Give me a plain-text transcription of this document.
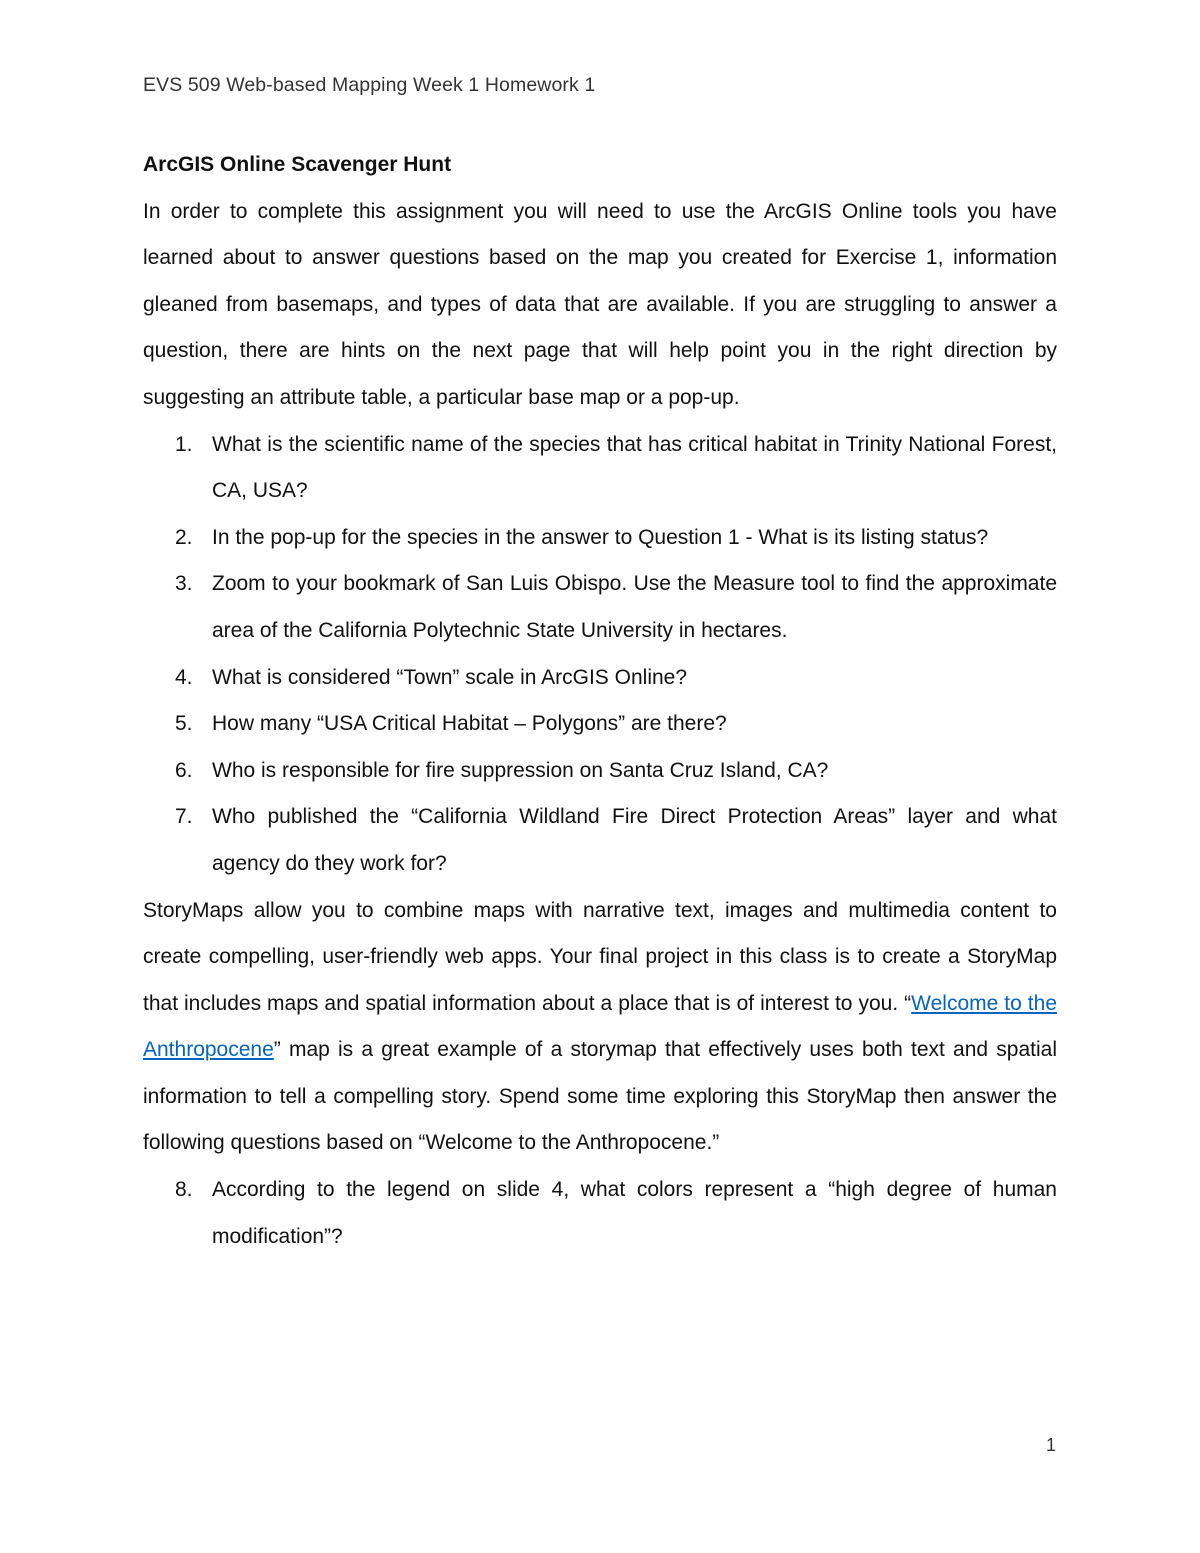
EVS 509 Web-based Mapping Week 1 Homework 1

ArcGIS Online Scavenger Hunt

In order to complete this assignment you will need to use the ArcGIS Online tools you have learned about to answer questions based on the map you created for Exercise 1, information gleaned from basemaps, and types of data that are available. If you are struggling to answer a question, there are hints on the next page that will help point you in the right direction by suggesting an attribute table, a particular base map or a pop-up.

1. What is the scientific name of the species that has critical habitat in Trinity National Forest, CA, USA?
2. In the pop-up for the species in the answer to Question 1 - What is its listing status?
3. Zoom to your bookmark of San Luis Obispo. Use the Measure tool to find the approximate area of the California Polytechnic State University in hectares.
4. What is considered “Town” scale in ArcGIS Online?
5. How many “USA Critical Habitat – Polygons” are there?
6. Who is responsible for fire suppression on Santa Cruz Island, CA?
7. Who published the “California Wildland Fire Direct Protection Areas” layer and what agency do they work for?

StoryMaps allow you to combine maps with narrative text, images and multimedia content to create compelling, user-friendly web apps. Your final project in this class is to create a StoryMap that includes maps and spatial information about a place that is of interest to you. “Welcome to the Anthropocene” map is a great example of a storymap that effectively uses both text and spatial information to tell a compelling story. Spend some time exploring this StoryMap then answer the following questions based on “Welcome to the Anthropocene.”

8. According to the legend on slide 4, what colors represent a “high degree of human modification”?
1
